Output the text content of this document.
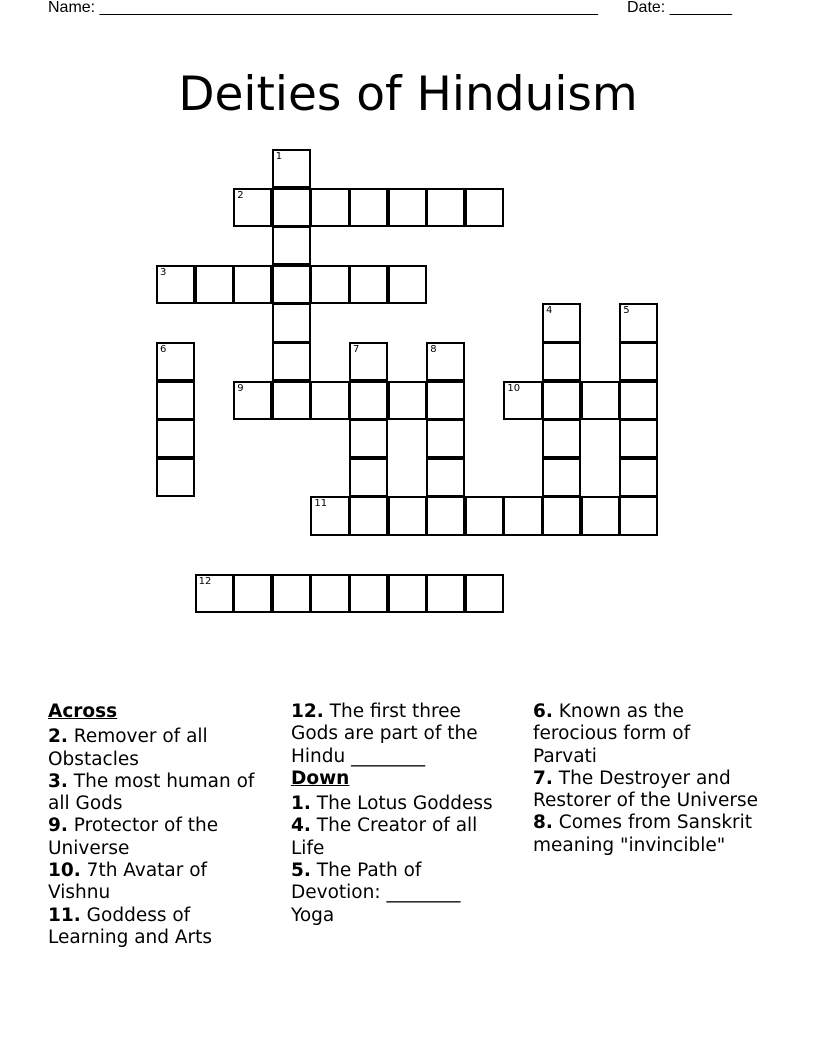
Name: ________________________________________________________ Date: _______
Deities of Hinduism
1
2
3
4	5
6	7	8
9	10
11
12
Across
2. Remover of all Obstacles
3. The most human of all Gods
9. Protector of the Universe
10. 7th Avatar of Vishnu
11. Goddess of Learning and Arts
12. The first three Gods are part of the Hindu ________
Down
1. The Lotus Goddess
4. The Creator of all Life
5. The Path of Devotion: ________ Yoga
6. Known as the ferocious form of Parvati
7. The Destroyer and Restorer of the Universe
8. Comes from Sanskrit meaning "invincible"
